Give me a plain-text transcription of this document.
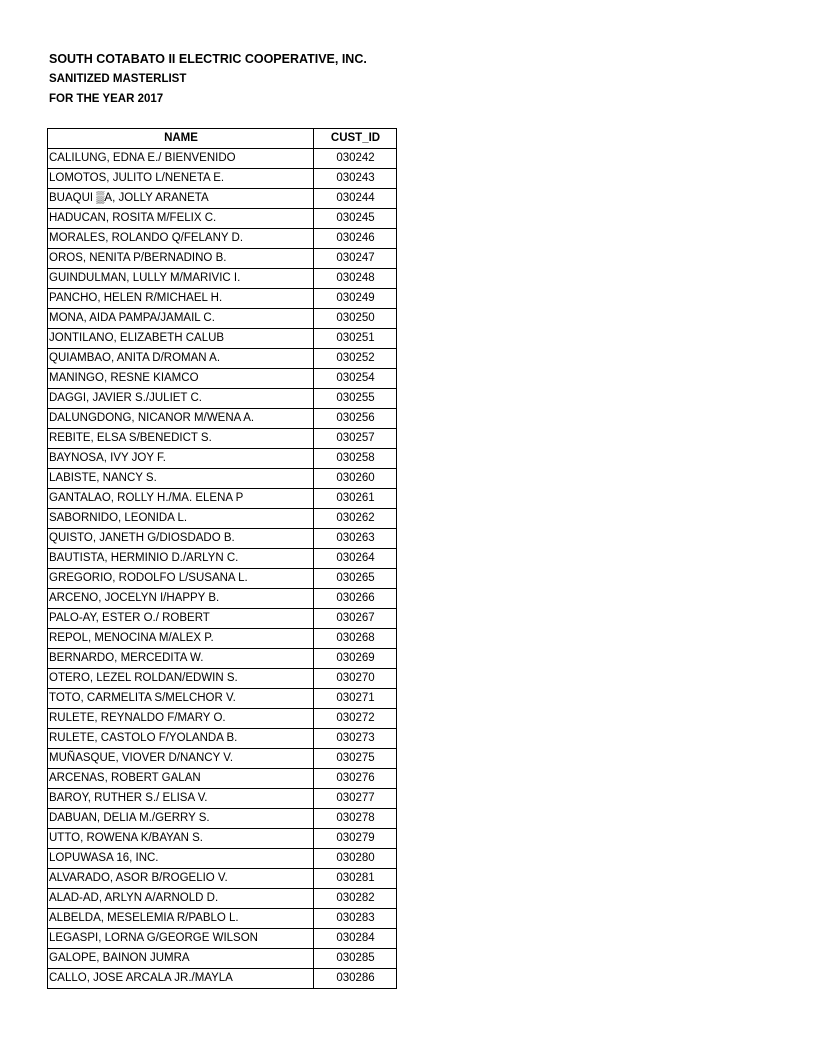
SOUTH COTABATO II ELECTRIC COOPERATIVE, INC.
SANITIZED MASTERLIST
FOR THE YEAR 2017
NAME	CUST_ID
CALILUNG, EDNA E./ BIENVENIDO	030242
LOMOTOS, JULITO L/NENETA E.	030243
BUAQUI ▒A, JOLLY ARANETA	030244
HADUCAN, ROSITA M/FELIX C.	030245
MORALES, ROLANDO Q/FELANY D.	030246
OROS, NENITA P/BERNADINO B.	030247
GUINDULMAN, LULLY M/MARIVIC I.	030248
PANCHO, HELEN R/MICHAEL H.	030249
MONA, AIDA PAMPA/JAMAIL C.	030250
JONTILANO, ELIZABETH CALUB	030251
QUIAMBAO, ANITA D/ROMAN A.	030252
MANINGO, RESNE KIAMCO	030254
DAGGI, JAVIER S./JULIET C.	030255
DALUNGDONG, NICANOR M/WENA A.	030256
REBITE, ELSA S/BENEDICT S.	030257
BAYNOSA, IVY JOY F.	030258
LABISTE, NANCY S.	030260
GANTALAO, ROLLY H./MA. ELENA P	030261
SABORNIDO, LEONIDA L.	030262
QUISTO, JANETH G/DIOSDADO B.	030263
BAUTISTA, HERMINIO D./ARLYN C.	030264
GREGORIO, RODOLFO L/SUSANA L.	030265
ARCENO, JOCELYN I/HAPPY B.	030266
PALO-AY, ESTER O./ ROBERT	030267
REPOL, MENOCINA M/ALEX P.	030268
BERNARDO, MERCEDITA W.	030269
OTERO, LEZEL ROLDAN/EDWIN S.	030270
TOTO, CARMELITA S/MELCHOR V.	030271
RULETE, REYNALDO F/MARY O.	030272
RULETE, CASTOLO F/YOLANDA B.	030273
MUÑASQUE, VIOVER D/NANCY V.	030275
ARCENAS, ROBERT GALAN	030276
BAROY, RUTHER S./ ELISA V.	030277
DABUAN, DELIA M./GERRY S.	030278
UTTO, ROWENA K/BAYAN S.	030279
LOPUWASA 16, INC.	030280
ALVARADO, ASOR B/ROGELIO V.	030281
ALAD-AD, ARLYN A/ARNOLD D.	030282
ALBELDA, MESELEMIA R/PABLO L.	030283
LEGASPI, LORNA G/GEORGE WILSON	030284
GALOPE, BAINON JUMRA	030285
CALLO, JOSE ARCALA JR./MAYLA	030286
